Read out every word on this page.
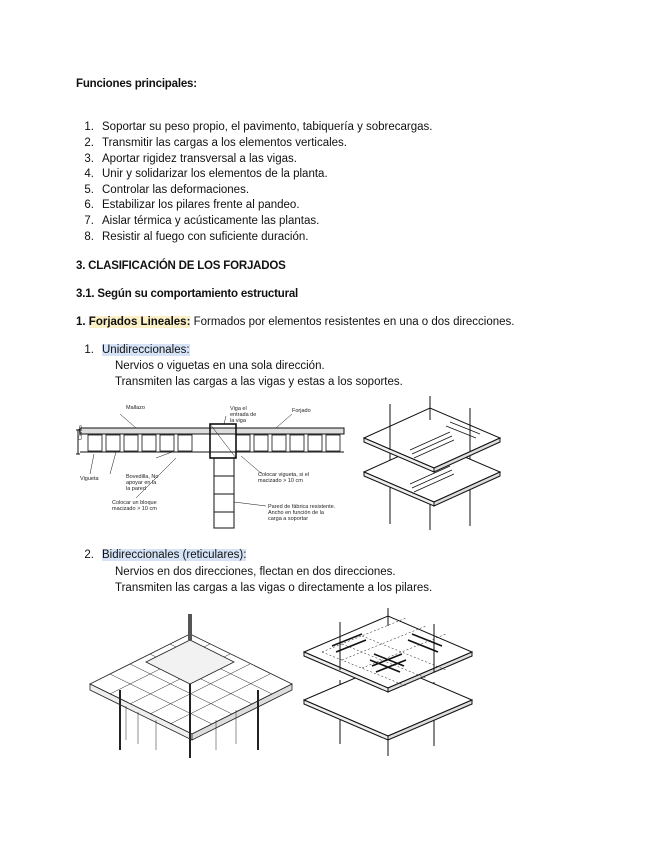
Funciones principales:
1. Soportar su peso propio, el pavimento, tabiquería y sobrecargas.
2. Transmitir las cargas a los elementos verticales.
3. Aportar rigidez transversal a las vigas.
4. Unir y solidarizar los elementos de la planta.
5. Controlar las deformaciones.
6. Estabilizar los pilares frente al pandeo.
7. Aislar térmica y acústicamente las plantas.
8. Resistir al fuego con suficiente duración.
3. CLASIFICACIÓN DE LOS FORJADOS
3.1. Según su comportamiento estructural
1. Forjados Lineales: Formados por elementos resistentes en una o dos direcciones.
1. Unidireccionales:
Nervios o viguetas en una sola dirección.
Transmiten las cargas a las vigas y estas a los soportes.
Mallazo	Viga el
entrada de
la viga
Forjado
Canto
Vigueta	Bovedilla, No
apoyar en la
la pared
Colocar un bloque
macizado > 10 cm
Colocar vigueta, si el
macizado > 10 cm
Pared de fábrica resistente.
Ancho en función de la
carga a soportar
2. Bidireccionales (reticulares):
Nervios en dos direcciones, flectan en dos direcciones.
Transmiten las cargas a las vigas o directamente a los pilares.
